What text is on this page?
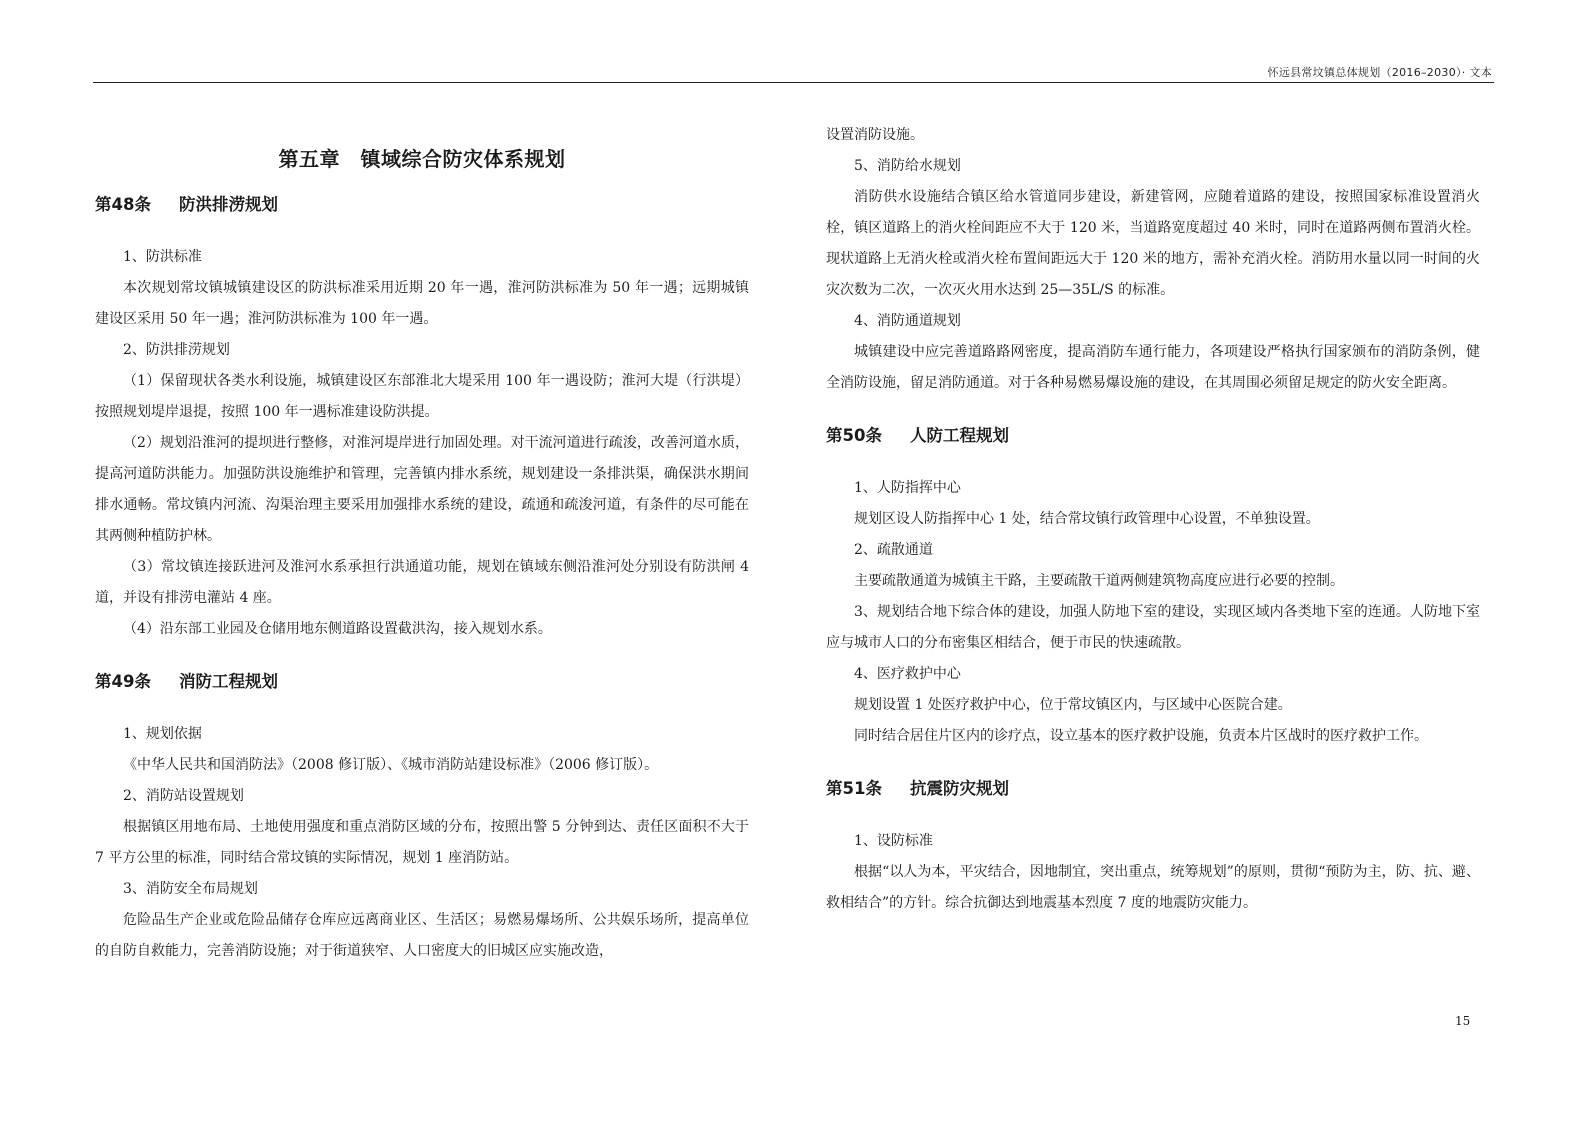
怀远县常坟镇总体规划（2016–2030）· 文本
第五章　镇域综合防灾体系规划
第48条 防洪排涝规划

1、防洪标准

本次规划常坟镇城镇建设区的防洪标准采用近期 20 年一遇，淮河防洪标准为 50 年一遇；远期城镇建设区采用 50 年一遇；淮河防洪标准为 100 年一遇。

2、防洪排涝规划

（1）保留现状各类水利设施，城镇建设区东部淮北大堤采用 100 年一遇设防；淮河大堤（行洪堤）按照规划堤岸退提，按照 100 年一遇标准建设防洪提。

（2）规划沿淮河的提坝进行整修，对淮河堤岸进行加固处理。对干流河道进行疏浚，改善河道水质，提高河道防洪能力。加强防洪设施维护和管理，完善镇内排水系统，规划建设一条排洪渠，确保洪水期间排水通畅。常坟镇内河流、沟渠治理主要采用加强排水系统的建设，疏通和疏浚河道，有条件的尽可能在其两侧种植防护林。

（3）常坟镇连接跃进河及淮河水系承担行洪通道功能，规划在镇域东侧沿淮河处分别设有防洪闸 4 道，并设有排涝电灌站 4 座。

（4）沿东部工业园及仓储用地东侧道路设置截洪沟，接入规划水系。

第49条 消防工程规划

1、规划依据

《中华人民共和国消防法》（2008 修订版）、《城市消防站建设标准》（2006 修订版）。

2、消防站设置规划

根据镇区用地布局、土地使用强度和重点消防区域的分布，按照出警 5 分钟到达、责任区面积不大于 7 平方公里的标准，同时结合常坟镇的实际情况，规划 1 座消防站。

3、消防安全布局规划

危险品生产企业或危险品储存仓库应远离商业区、生活区；易燃易爆场所、公共娱乐场所，提高单位的自防自救能力，完善消防设施；对于街道狭窄、人口密度大的旧城区应实施改造，

设置消防设施。

5、消防给水规划

消防供水设施结合镇区给水管道同步建设，新建管网，应随着道路的建设，按照国家标准设置消火栓，镇区道路上的消火栓间距应不大于 120 米，当道路宽度超过 40 米时，同时在道路两侧布置消火栓。现状道路上无消火栓或消火栓布置间距远大于 120 米的地方，需补充消火栓。消防用水量以同一时间的火灾次数为二次，一次灭火用水达到 25—35L/S 的标准。

4、消防通道规划

城镇建设中应完善道路路网密度，提高消防车通行能力，各项建设严格执行国家颁布的消防条例，健全消防设施，留足消防通道。对于各种易燃易爆设施的建设，在其周围必须留足规定的防火安全距离。

第50条 人防工程规划

1、人防指挥中心

规划区设人防指挥中心 1 处，结合常坟镇行政管理中心设置，不单独设置。

2、疏散通道

主要疏散通道为城镇主干路，主要疏散干道两侧建筑物高度应进行必要的控制。

3、规划结合地下综合体的建设，加强人防地下室的建设，实现区域内各类地下室的连通。人防地下室应与城市人口的分布密集区相结合，便于市民的快速疏散。

4、医疗救护中心

规划设置 1 处医疗救护中心，位于常坟镇区内，与区域中心医院合建。

同时结合居住片区内的诊疗点，设立基本的医疗救护设施，负责本片区战时的医疗救护工作。

第51条 抗震防灾规划

1、设防标准

根据“以人为本，平灾结合，因地制宜，突出重点，统筹规划”的原则，贯彻“预防为主，防、抗、避、救相结合”的方针。综合抗御达到地震基本烈度 7 度的地震防灾能力。

15
